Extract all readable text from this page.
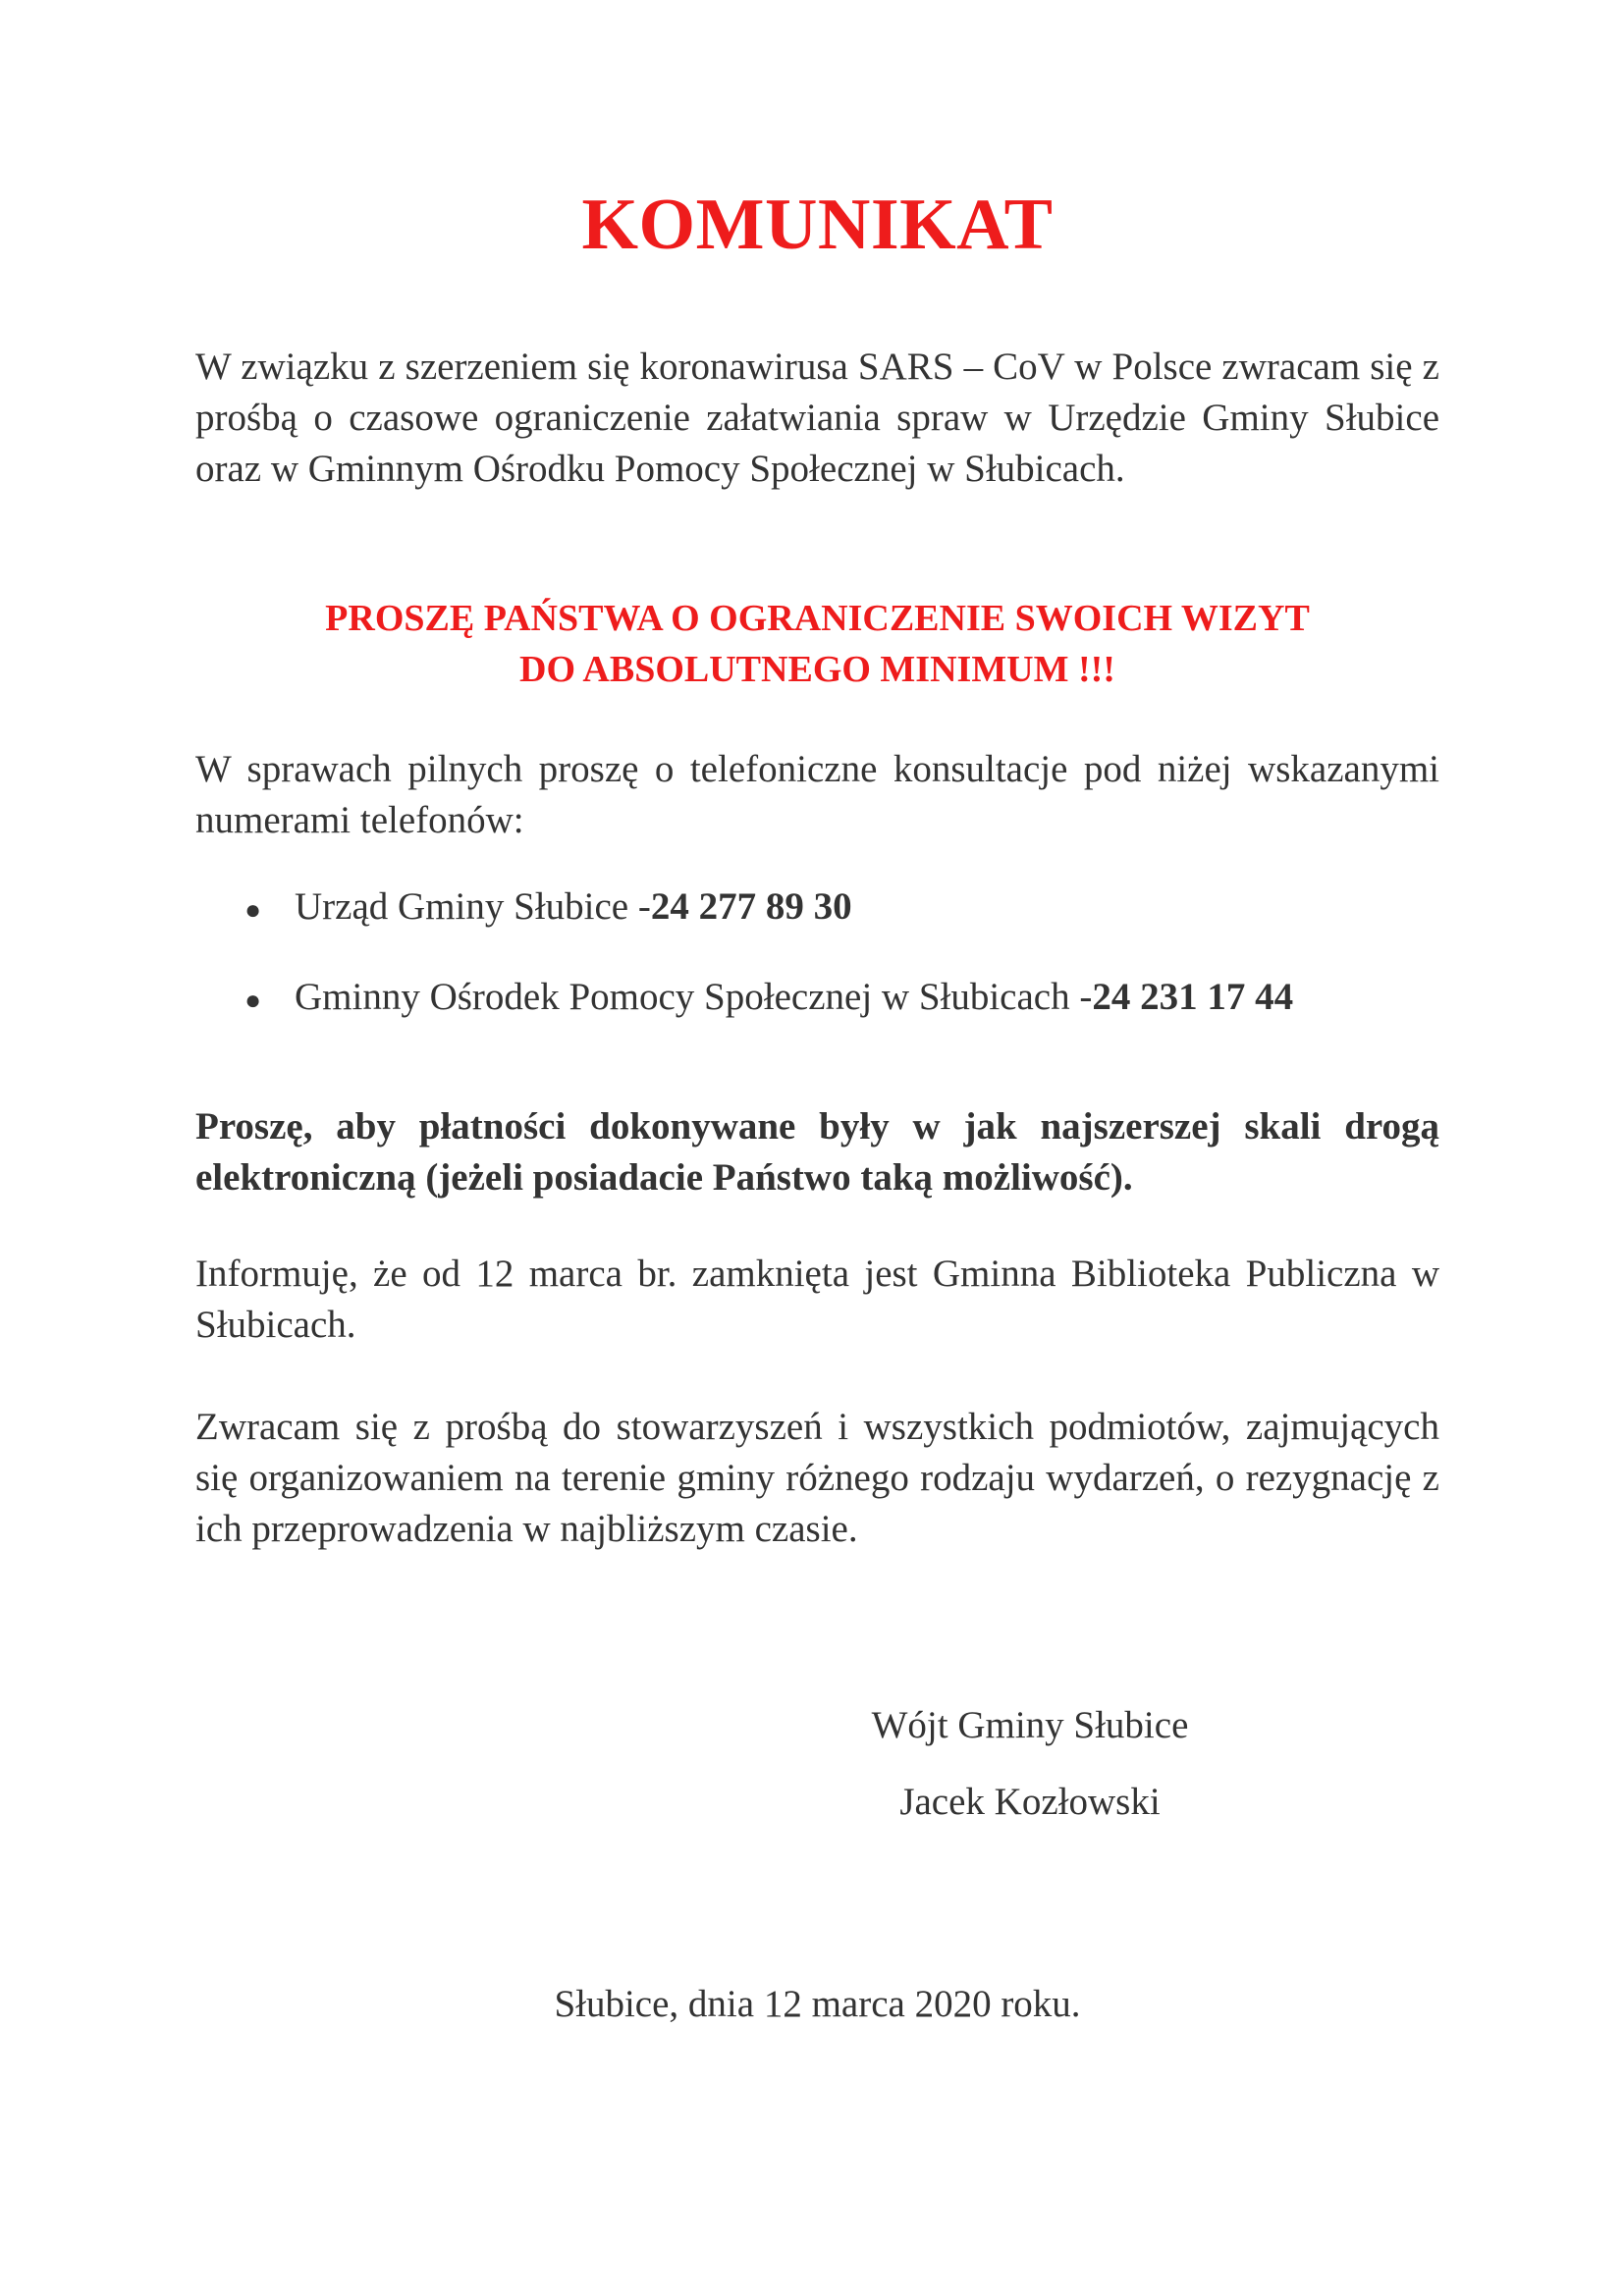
KOMUNIKAT

W związku z szerzeniem się koronawirusa SARS – CoV w Polsce zwracam się z prośbą o czasowe ograniczenie załatwiania spraw w Urzędzie Gminy Słubice oraz w Gminnym Ośrodku Pomocy Społecznej w Słubicach.

PROSZĘ PAŃSTWA O OGRANICZENIE SWOICH WIZYT
DO ABSOLUTNEGO MINIMUM !!!

W sprawach pilnych proszę o telefoniczne konsultacje pod niżej wskazanymi numerami telefonów:

● Urząd Gminy Słubice - 24 277 89 30
● Gminny Ośrodek Pomocy Społecznej w Słubicach - 24 231 17 44

Proszę, aby płatności dokonywane były w jak najszerszej skali drogą elektroniczną (jeżeli posiadacie Państwo taką możliwość).

Informuję, że od 12 marca br. zamknięta jest Gminna Biblioteka Publiczna w Słubicach.

Zwracam się z prośbą do stowarzyszeń i wszystkich podmiotów, zajmujących się organizowaniem na terenie gminy różnego rodzaju wydarzeń, o rezygnację z ich przeprowadzenia w najbliższym czasie.

Wójt Gminy Słubice

Jacek Kozłowski

Słubice, dnia 12 marca 2020 roku.
